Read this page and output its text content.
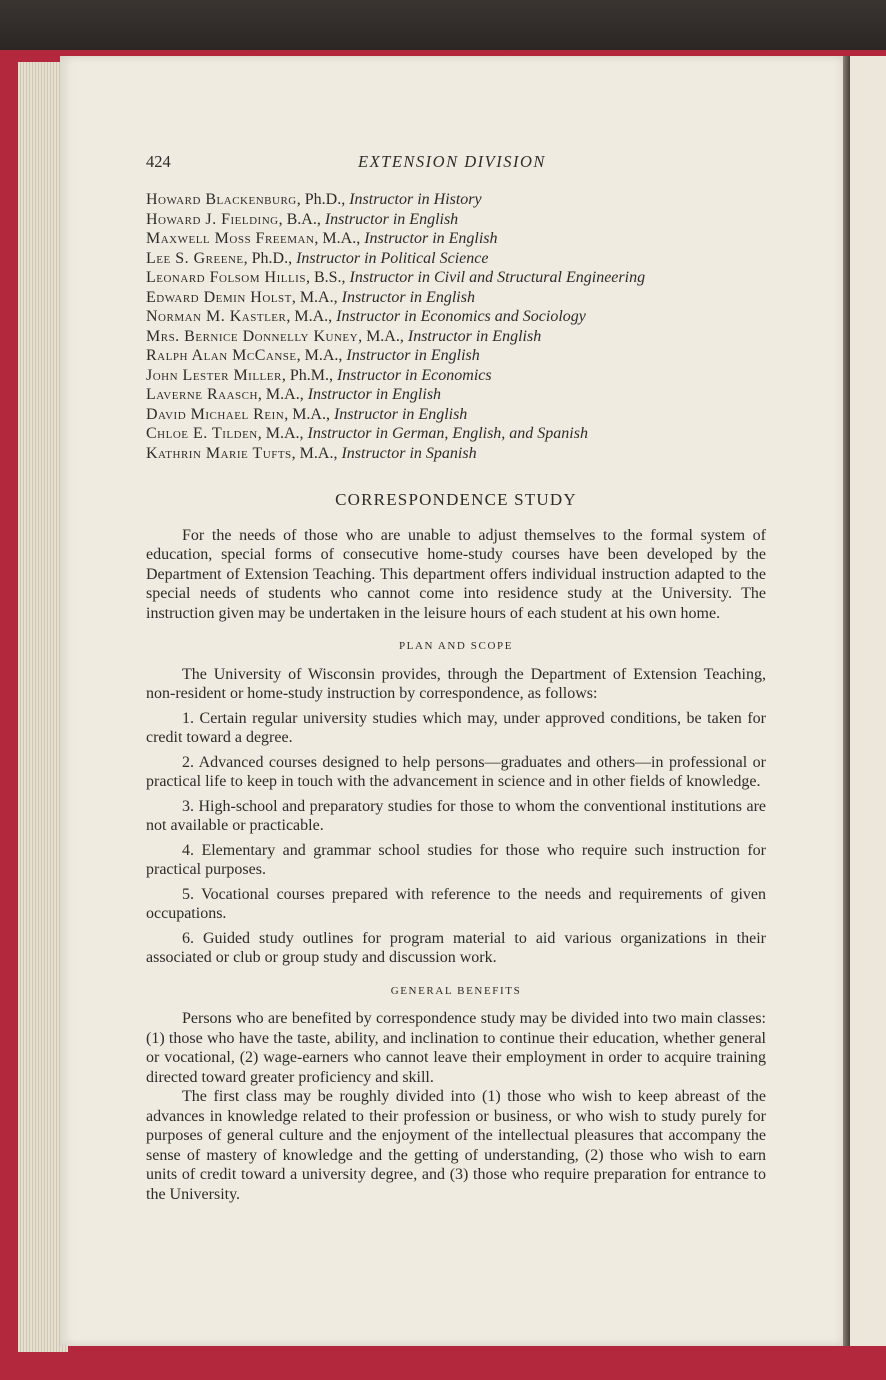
424	EXTENSION DIVISION
Howard Blackenburg, Ph.D., Instructor in History
Howard J. Fielding, B.A., Instructor in English
Maxwell Moss Freeman, M.A., Instructor in English
Lee S. Greene, Ph.D., Instructor in Political Science
Leonard Folsom Hillis, B.S., Instructor in Civil and Structural Engineering
Edward Demin Holst, M.A., Instructor in English
Norman M. Kastler, M.A., Instructor in Economics and Sociology
Mrs. Bernice Donnelly Kuney, M.A., Instructor in English
Ralph Alan McCanse, M.A., Instructor in English
John Lester Miller, Ph.M., Instructor in Economics
Laverne Raasch, M.A., Instructor in English
David Michael Rein, M.A., Instructor in English
Chloe E. Tilden, M.A., Instructor in German, English, and Spanish
Kathrin Marie Tufts, M.A., Instructor in Spanish
CORRESPONDENCE STUDY

For the needs of those who are unable to adjust themselves to the formal system of education, special forms of consecutive home-study courses have been developed by the Department of Extension Teaching. This department offers individual instruction adapted to the special needs of students who cannot come into residence study at the University. The instruction given may be undertaken in the leisure hours of each student at his own home.

PLAN AND SCOPE

The University of Wisconsin provides, through the Department of Extension Teaching, non-resident or home-study instruction by correspondence, as follows:

1. Certain regular university studies which may, under approved conditions, be taken for credit toward a degree.

2. Advanced courses designed to help persons—graduates and others—in professional or practical life to keep in touch with the advancement in science and in other fields of knowledge.

3. High-school and preparatory studies for those to whom the conventional institutions are not available or practicable.

4. Elementary and grammar school studies for those who require such instruction for practical purposes.

5. Vocational courses prepared with reference to the needs and requirements of given occupations.

6. Guided study outlines for program material to aid various organizations in their associated or club or group study and discussion work.

GENERAL BENEFITS

Persons who are benefited by correspondence study may be divided into two main classes: (1) those who have the taste, ability, and inclination to continue their education, whether general or vocational, (2) wage-earners who cannot leave their employment in order to acquire training directed toward greater proficiency and skill.

The first class may be roughly divided into (1) those who wish to keep abreast of the advances in knowledge related to their profession or business, or who wish to study purely for purposes of general culture and the enjoyment of the intellectual pleasures that accompany the sense of mastery of knowledge and the getting of understanding, (2) those who wish to earn units of credit toward a university degree, and (3) those who require preparation for entrance to the University.
